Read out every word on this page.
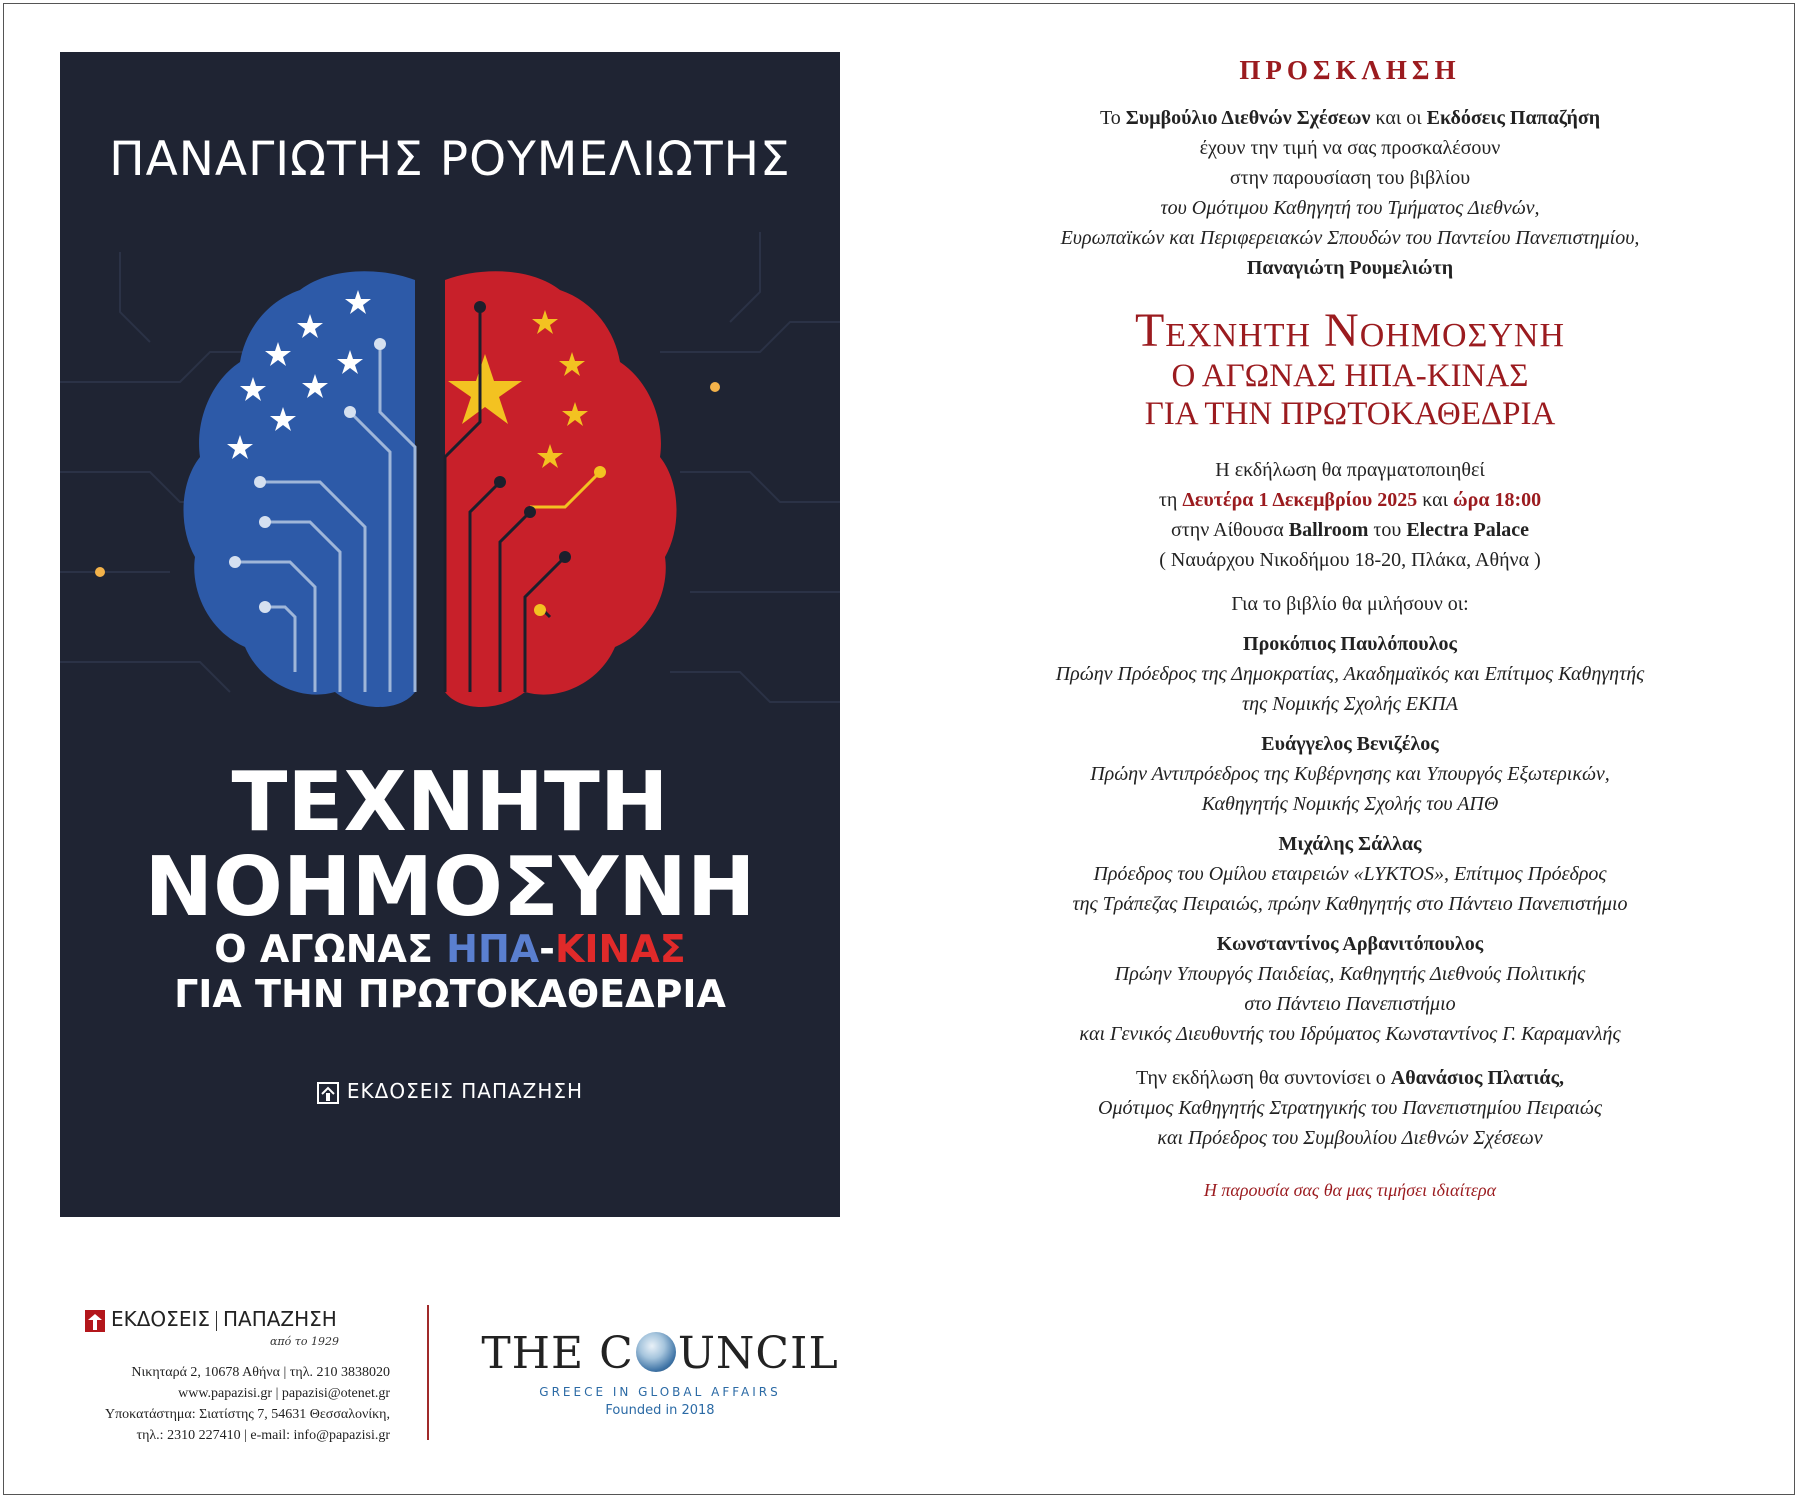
ΠΑΝΑΓΙΩΤΗΣ ΡΟΥΜΕΛΙΩΤΗΣ
ΤΕΧΝΗΤΗ
ΝΟΗΜΟΣΥΝΗ
Ο ΑΓΩΝΑΣ ΗΠΑ-ΚΙΝΑΣ
ΓΙΑ ΤΗΝ ΠΡΩΤΟΚΑΘΕΔΡΙΑ
ΕΚΔΟΣΕΙΣ ΠΑΠΑΖΗΣΗ
ΕΚΔΟΣΕΙΣ ΠΑΠΑΖΗΣΗ
από το 1929
Νικηταρά 2, 10678 Αθήνα | τηλ. 210 3838020
www.papazisi.gr | papazisi@otenet.gr
Υποκατάστημα: Σιατίστης 7, 54631 Θεσσαλονίκη,
τηλ.: 2310 227410 | e-mail: info@papazisi.gr
THE C UNCIL
GREECE IN GLOBAL AFFAIRS
Founded in 2018
ΠΡΟΣΚΛΗΣΗ
Το Συμβούλιο Διεθνών Σχέσεων και οι Εκδόσεις Παπαζήση
έχουν την τιμή να σας προσκαλέσουν
στην παρουσίαση του βιβλίου
του Ομότιμου Καθηγητή του Τμήματος Διεθνών,
Ευρωπαϊκών και Περιφερειακών Σπουδών του Παντείου Πανεπιστημίου,
Παναγιώτη Ρουμελιώτη
Τεχνητη Νοημοσυνη
Ο ΑΓΩΝΑΣ ΗΠΑ-ΚΙΝΑΣ
ΓΙΑ ΤΗΝ ΠΡΩΤΟΚΑΘΕΔΡΙΑ
Η εκδήλωση θα πραγματοποιηθεί
τη Δευτέρα 1 Δεκεμβρίου 2025 και ώρα 18:00
στην Αίθουσα Ballroom του Electra Palace
( Ναυάρχου Νικοδήμου 18-20, Πλάκα, Αθήνα )
Για το βιβλίο θα μιλήσουν οι:
Προκόπιος Παυλόπουλος
Πρώην Πρόεδρος της Δημοκρατίας, Ακαδημαϊκός και Επίτιμος Καθηγητής
της Νομικής Σχολής ΕΚΠΑ
Ευάγγελος Βενιζέλος
Πρώην Αντιπρόεδρος της Κυβέρνησης και Υπουργός Εξωτερικών,
Καθηγητής Νομικής Σχολής του ΑΠΘ
Μιχάλης Σάλλας
Πρόεδρος του Ομίλου εταιρειών «LYKTOS», Επίτιμος Πρόεδρος
της Τράπεζας Πειραιώς, πρώην Καθηγητής στο Πάντειο Πανεπιστήμιο
Κωνσταντίνος Αρβανιτόπουλος
Πρώην Υπουργός Παιδείας, Καθηγητής Διεθνούς Πολιτικής
στο Πάντειο Πανεπιστήμιο
και Γενικός Διευθυντής του Ιδρύματος Κωνσταντίνος Γ. Καραμανλής
Την εκδήλωση θα συντονίσει ο Αθανάσιος Πλατιάς,
Ομότιμος Καθηγητής Στρατηγικής του Πανεπιστημίου Πειραιώς
και Πρόεδρος του Συμβουλίου Διεθνών Σχέσεων
Η παρουσία σας θα μας τιμήσει ιδιαίτερα
